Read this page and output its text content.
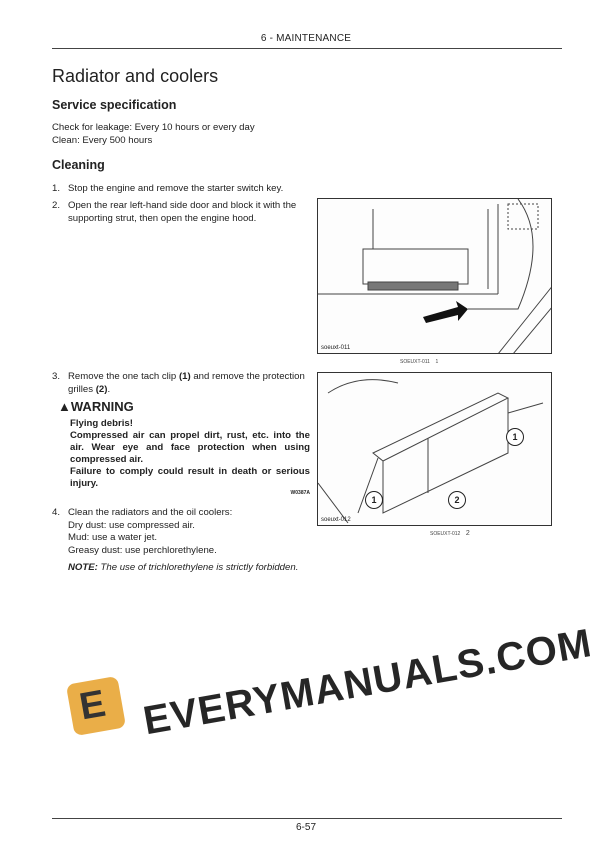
6 - MAINTENANCE
Radiator and coolers
Service specification
Check for leakage: Every 10 hours or every day
Clean: Every 500 hours
Cleaning
1. Stop the engine and remove the starter switch key.
2. Open the rear left-hand side door and block it with the supporting strut, then open the engine hood.
3. Remove the one tach clip (1) and remove the protection grilles (2).
▲WARNING
Flying debris!
Compressed air can propel dirt, rust, etc. into the air. Wear eye and face protection when using compressed air.
Failure to comply could result in death or serious injury.
W0387A
4. Clean the radiators and the oil coolers:
Dry dust: use compressed air.
Mud: use a water jet.
Greasy dust: use perchlorethylene.
NOTE: The use of trichlorethylene is strictly forbidden.
soeuxt-011
SOEUXT-011 1
1
1	2
soeuxt-012
SOEUXT-012 2
E EVERYMANUALS.COM
6-57
